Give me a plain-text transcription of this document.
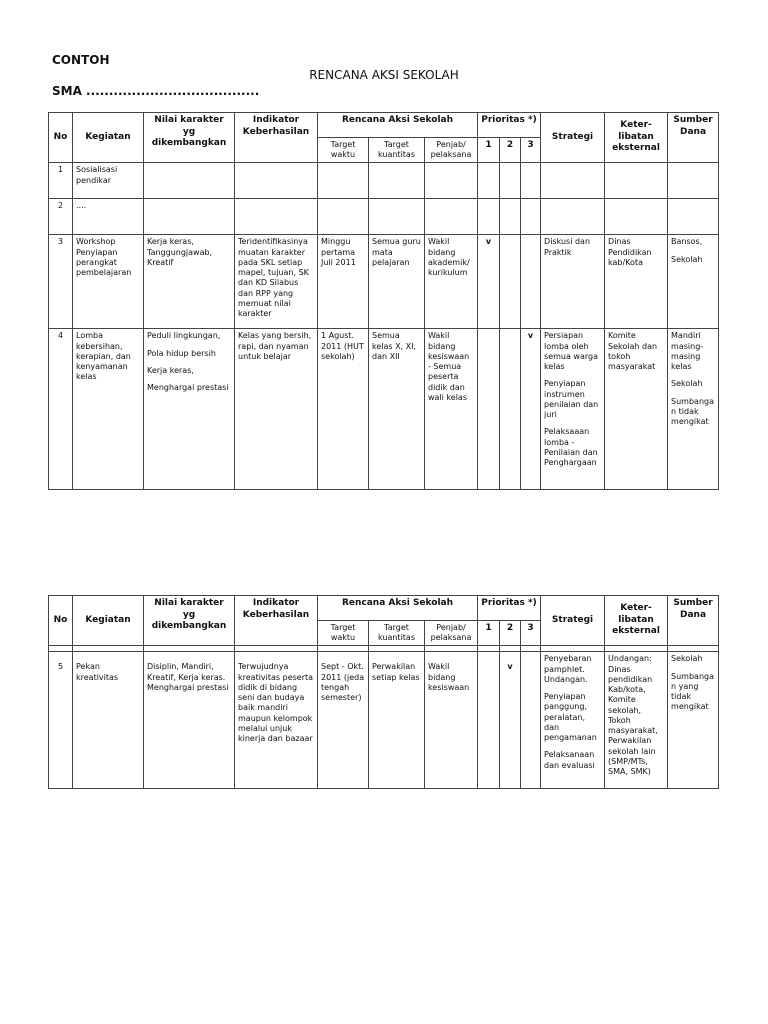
CONTOH
RENCANA AKSI SEKOLAH
SMA ......................................
No	Kegiatan	Nilai karakter yg dikembangkan	Indikator Keberhasilan	Rencana Aksi Sekolah			Prioritas *)			Strategi	Keter-libatan eksternal	Sumber Dana
				Target waktu	Target kuantitas	Penjab/ pelaksana	1	2	3			
1	Sosialisasi pendikar											
2	....											
3	Workshop Penyiapan perangkat pembelajaran	Kerja keras, Tanggungjawab, Kreatif	Teridentifikasinya muatan karakter pada SKL setiap mapel, tujuan, SK dan KD Silabus dan RPP yang memuat nilai karakter	Minggu pertama Juli 2011	Semua guru mata pelajaran	Wakil bidang akademik/ kurikulum	v			Diskusi dan Praktik	Dinas Pendidikan kab/Kota	Bansos,
Sekolah

4	Lomba kebersihan, kerapian, dan kenyamanan kelas	Peduli lingkungan,
Pola hidup bersih
Kerja keras,
Menghargai prestasi	Kelas yang bersih, rapi, dan nyaman untuk belajar	1 Agust. 2011 (HUT sekolah)	Semua kelas X, XI, dan XII	Wakil bidang kesiswaan - Semua peserta didik dan wali kelas			v	Persiapan lomba oleh semua warga kelas
Penyiapan instrumen penilaian dan juri
Pelaksaaan lomba -Penilaian dan Penghargaan	Komite Sekolah dan tokoh masyarakat	Mandiri masing-masing kelas
Sekolah
Sumbangan tidak mengikat
No	Kegiatan	Nilai karakter yg dikembangkan	Indikator Keberhasilan	Rencana Aksi Sekolah			Prioritas *)			Strategi	Keter-libatan eksternal	Sumber Dana
				Target waktu	Target kuantitas	Penjab/ pelaksana	1	2	3			

5	Pekan kreativitas	Disiplin, Mandiri, Kreatif, Kerja keras. Menghargai prestasi	Terwujudnya kreativitas peserta didik di bidang seni dan budaya baik mandiri maupun kelompok melalui unjuk kinerja dan bazaar	Sept - Okt. 2011 (jeda tengah semester)	Perwakilan setiap kelas	Wakil bidang kesiswaan		v		Penyebaran pamphlet. Undangan.
Penyiapan panggung, peralatan, dan pengamanan
Pelaksanaan dan evaluasi	Undangan: Dinas pendidikan Kab/kota, Komite sekolah, Tokoh masyarakat, Perwakilan sekolah lain (SMP/MTs, SMA, SMK)	Sekolah
Sumbangan yang tidak mengikat
